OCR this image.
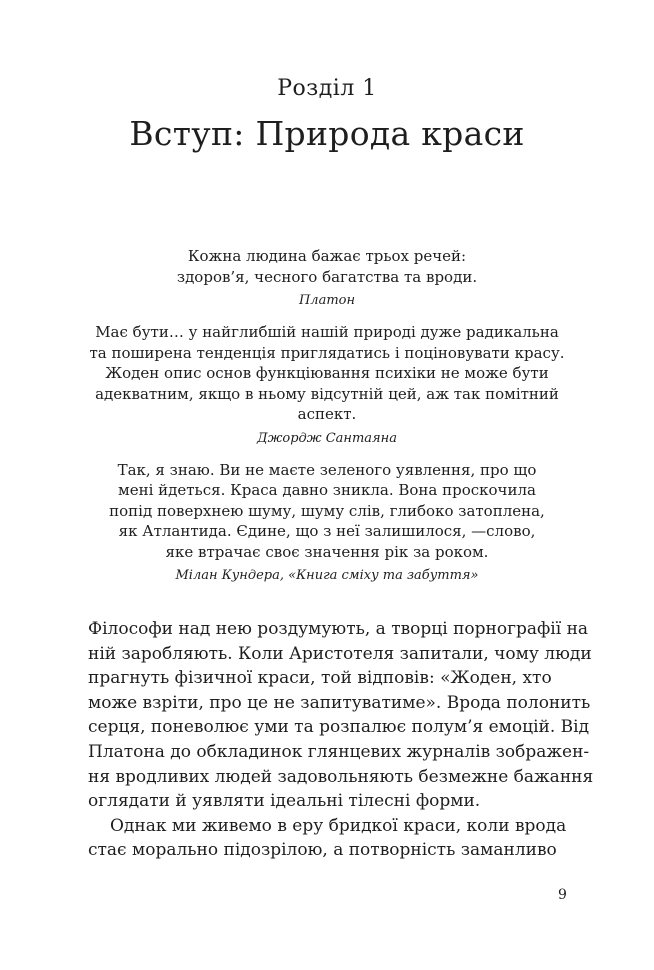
Розділ 1
Вступ: Природа краси
Кожна людина бажає трьох речей:
здоров’я, чесного багатства та вроди.
Платон
Має бути… у найглибшій нашій природі дуже радикальна
та поширена тенденція приглядатись і поціновувати красу.
Жоден опис основ функціювання психіки не може бути
адекватним, якщо в ньому відсутній цей, аж так помітний
аспект.
Джордж Сантаяна
Так, я знаю. Ви не маєте зеленого уявлення, про що
мені йдеться. Краса давно зникла. Вона проскочила
попід поверхнею шуму, шуму слів, глибоко затоплена,
як Атлантида. Єдине, що з неї залишилося, —слово,
яке втрачає своє значення рік за роком.
Мілан Кундера, «Книга сміху та забуття»
Філософи над нею роздумують, а творці порнографії на
ній заробляють. Коли Аристотеля запитали, чому люди
прагнуть фізичної краси, той відповів: «Жоден, хто
може взріти, про це не запитуватиме». Врода полонить
серця, поневолює уми та розпалює полум’я емоцій. Від
Платона до обкладинок глянцевих журналів зображен-
ня вродливих людей задовольняють безмежне бажання
оглядати й уявляти ідеальні тілесні форми.
Однак ми живемо в еру бридкої краси, коли врода
стає морально підозрілою, а потворність заманливо
9
